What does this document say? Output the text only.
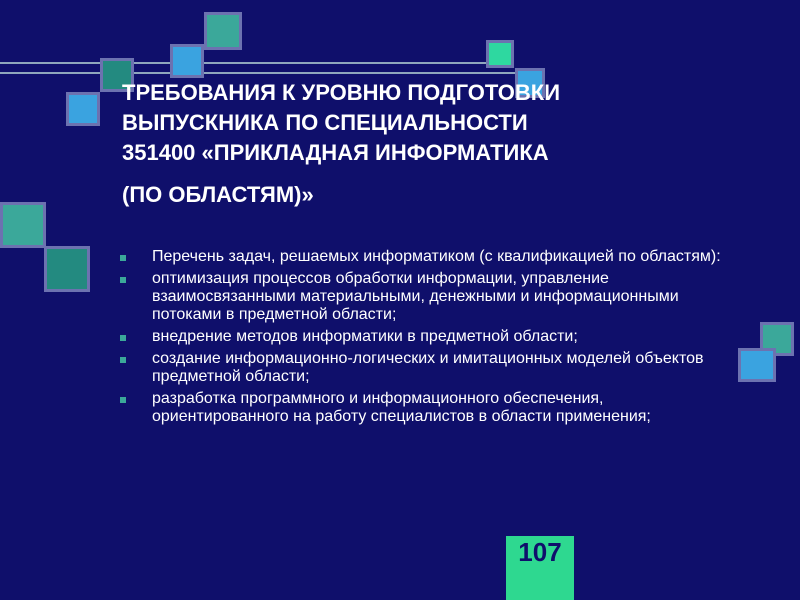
ТРЕБОВАНИЯ К УРОВНЮ ПОДГОТОВКИ
ВЫПУСКНИКА ПО СПЕЦИАЛЬНОСТИ
351400 «ПРИКЛАДНАЯ ИНФОРМАТИКА
(ПО ОБЛАСТЯМ)»
Перечень задач, решаемых информатиком (с квалификацией по областям):
оптимизация процессов обработки информации, управление взаимосвязанными материальными, денежными и информационными потоками в предметной области;
внедрение методов информатики в предметной области;
создание информационно-логических и имитационных моделей объектов предметной области;
разработка программного и информационного обеспечения, ориентированного на работу специалистов в области применения;
107
